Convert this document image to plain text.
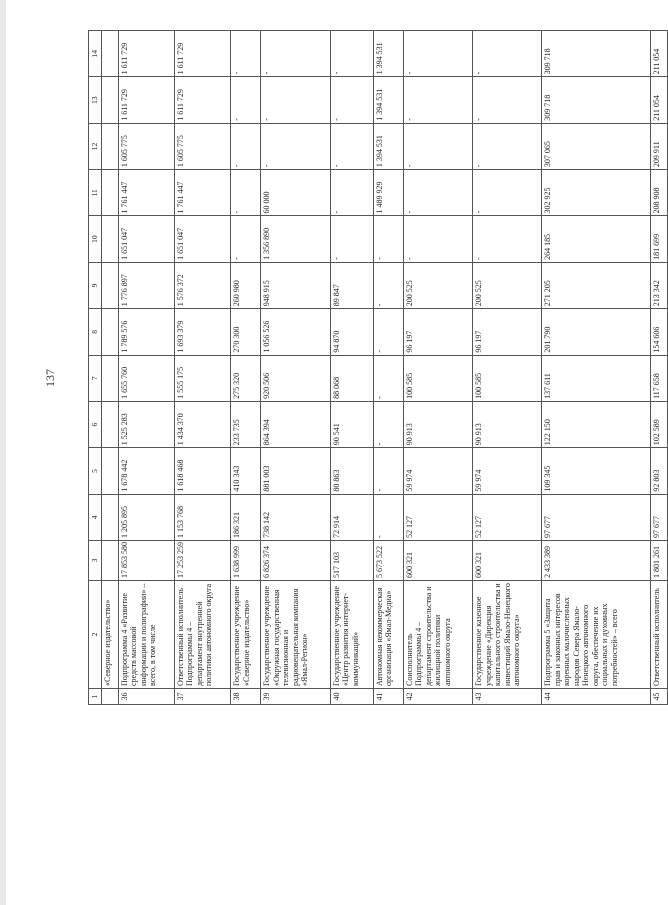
137
1	2	3	4	5	6	7	8	9	10	11	12	13	14
	«Северное издательство»												
36	Подпрограмма 4 «Развитие средств массовой информации и полиграфии» – всего, в том числе	17 853 580	1 205 895	1 678 442	1 525 283	1 655 760	1 789 576	1 776 897	1 651 047	1 761 447	1 605 775	1 611 729	1 611 729
37	Ответственный исполнитель Подпрограммы 4 – департамент внутренней политики автономного округа	17 253 259	1 153 768	1 618 468	1 434 370	1 555 175	1 693 379	1 576 372	1 651 047	1 761 447	1 605 775	1 611 729	1 611 729
38	Государственное учреждение «Северное издательство»	1 638 999	186 321	410 343	233 735	275 320	270 300	260 980	-	-	-	-	-
39	Государственное учреждение «Окружная государственная телевизионная и радиовещательная компания «Ямал-Регион»	6 826 374	738 142	881 003	864 394	920 506	1 056 526	948 915	1 356 890	60 000	-	-	-
40	Государственное учреждение «Центр развития интернет-коммуникаций»	517 103	72 914	80 863	90 541	88 068	94 870	89 847	-	-	-	-	-
41	Автономная некоммерческая организация «Ямал-Медиа»	5 673 522	-	-	-	-	-	-	-	1 489 929	1 394 531	1 394 531	1 394 531
42	Соисполнитель Подпрограммы 4 – департамент строительства и жилищной политики автономного округа	600 321	52 127	59 974	90 913	100 585	96 197	200 525	-	-	-	-	-
43	Государственное казенное учреждение «Дирекция капитального строительства и инвестиций Ямало-Ненецкого автономного округа»	600 321	52 127	59 974	90 913	100 585	96 197	200 525	-	-	-	-	-
44	Подпрограмма 5 «Защита прав и законных интересов коренных малочисленных народов Севера Ямало-Ненецкого автономного округа, обеспечение их социальных и духовных потребностей» – всего	2 433 389	97 677	109 345	122 150	137 611	201 790	271 205	264 185	302 925	307 065	309 718	309 718
45	Ответственный исполнитель	1 801 261	97 677	92 803	102 589	117 658	154 606	213 342	181 699	208 908	209 911	211 054	211 054
